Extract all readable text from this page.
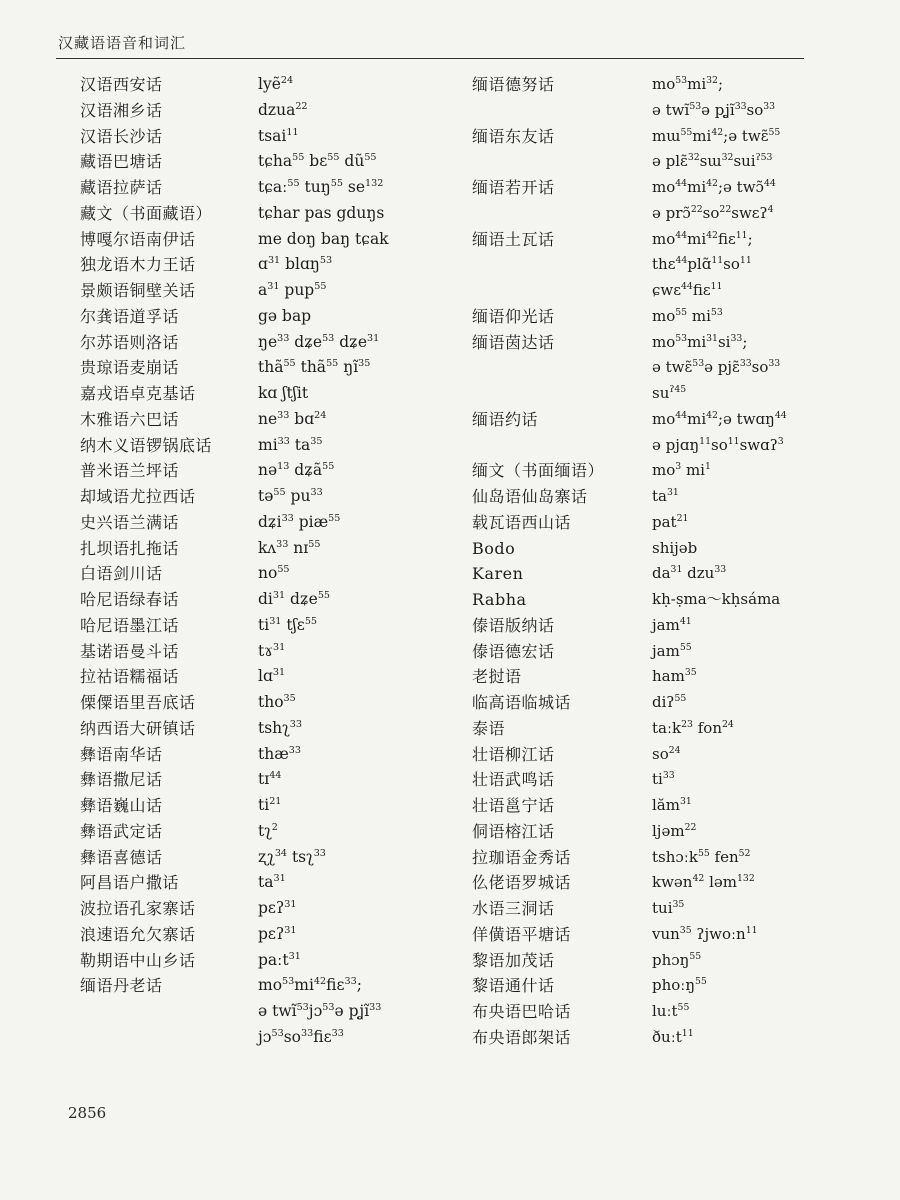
汉藏语语音和词汇
汉语西安话
汉语湘乡话
汉语长沙话
藏语巴塘话
藏语拉萨话
藏文（书面藏语）
博嘎尔语南伊话
独龙语木力王话
景颇语铜壁关话
尔龚语道孚话
尔苏语则洛话
贵琼语麦崩话
嘉戎语卓克基话
木雅语六巴话
纳木义语锣锅底话
普米语兰坪话
却域语尤拉西话
史兴语兰满话
扎坝语扎拖话
白语剑川话
哈尼语绿春话
哈尼语墨江话
基诺语曼斗话
拉祜语糯福话
傈僳语里吾底话
纳西语大研镇话
彝语南华话
彝语撒尼话
彝语巍山话
彝语武定话
彝语喜德话
阿昌语户撒话
波拉语孔家寨话
浪速语允欠寨话
勒期语中山乡话
缅语丹老话
lyẽ$^{24}$
dzua$^{22}$
tsai$^{11}$
tɕha$^{55}$ bɛ$^{55}$ $dũ^{55}$
tɕaː$^{55}$ tuŋ$^{55}$ $se^{132}$
tɕhar pas gduŋs
me doŋ baŋ tɕak
ɑ$^{31}$ blɑŋ$^{53}$
$a^{31}$ pup$^{55}$
gə bap
$ŋe^{33}$ dʑe$^{53}$ dʑe$^{31}$
thã$^{55}$ thã$^{55}$ $ŋĩ^{35}$
kɑ ʃtʃit
$ne^{33}$ bɑ$^{24}$
$mi^{33}$ $ta^{35}$
nə$^{13}$ dʑã$^{55}$
tə$^{55}$ $pu^{33}$
dʑi$^{33}$ piæ$^{55}$
kʌ$^{33}$ nɪ$^{55}$
$no^{55}$
$di^{31}$ dʑe$^{55}$
$ti^{31}$ tʃɛ$^{55}$
tɤ$^{31}$
lɑ$^{31}$
tho$^{35}$
tshʅ$^{33}$
thæ$^{33}$
tɪ$^{44}$
$ti^{21}$
tʅ$^2$
ʐʅ$^{34}$ tsʅ$^{33}$
$ta^{31}$
pɛʔ$^{31}$
pɛʔ$^{31}$
paːt$^{31}$
$mo^{53}mi^{42}fiɛ^{33}$;
ə twĩ$^{53}$jɔ$^{53}$ə pʝĩ$^{33}$
$jɔ^{53}so^{33}fiɛ^{33}$
缅语德努话
缅语东友话
缅语若开话
缅语土瓦话
缅语仰光话
缅语茵达话
缅语约话
缅文（书面缅语）
仙岛语仙岛寨话
载瓦语西山话
Bodo
Karen
Rabha
傣语版纳话
傣语德宏话
老挝语
临高语临城话
泰语
壮语柳江话
壮语武鸣话
壮语邕宁话
侗语榕江话
拉珈语金秀话
仫佬语罗城话
水语三洞话
佯僙语平塘话
黎语加茂话
黎语通什话
布央语巴哈话
布央语郎架话
$mo^{53}mi^{32}$;
ə twĩ$^{53}$ə $pʝĩ^{33}so^{33}$
$mɯ^{55}mi^{42};ə$ twɛ̃$^{55}$
ə plɛ̃$^{32}$sɯ$^{32}$sui$^{ʔ53}$
$mo^{44}mi^{42};ə$ twɔ̃$^{44}$
ə $prɔ̃^{22}so^{22}swɛʔ^4$
$mo^{44}mi^{42}fiɛ^{11}$;
$thɛ^{44}plɑ̃^{11}so^{11}$
ɕwɛ$^{44}$fiɛ$^{11}$
$mo^{55}$ $mi^{53}$
$mo^{53}mi^{31}si^{33}$;
ə twɛ̃$^{53}$ə $pjɛ̃^{33}so^{33}$
$su^{ʔ45}$
$mo^{44}mi^{42};ə$ twɑŋ$^{44}$
ə $pjɑŋ^{11}so^{11}swɑʔ^3$
$mo^3$ $mi^1$
$ta^{31}$
pat$^{21}$
shijəb
$da^{31}$ dzu$^{33}$
kḥ-ṣma～kḥsáma
jam$^{41}$
jam$^{55}$
ham$^{35}$
diʔ$^{55}$
taːk$^{23}$ fon$^{24}$
$so^{24}$
$ti^{33}$
lăm$^{31}$
ljəm$^{22}$
tshɔːk$^{55}$ fen$^{52}$
kwən$^{42}$ ləm$^{132}$
tui$^{35}$
vun$^{35}$ ʔjwoːn$^{11}$
phɔŋ$^{55}$
phoːŋ$^{55}$
luːt$^{55}$
ðuːt$^{11}$
2856
